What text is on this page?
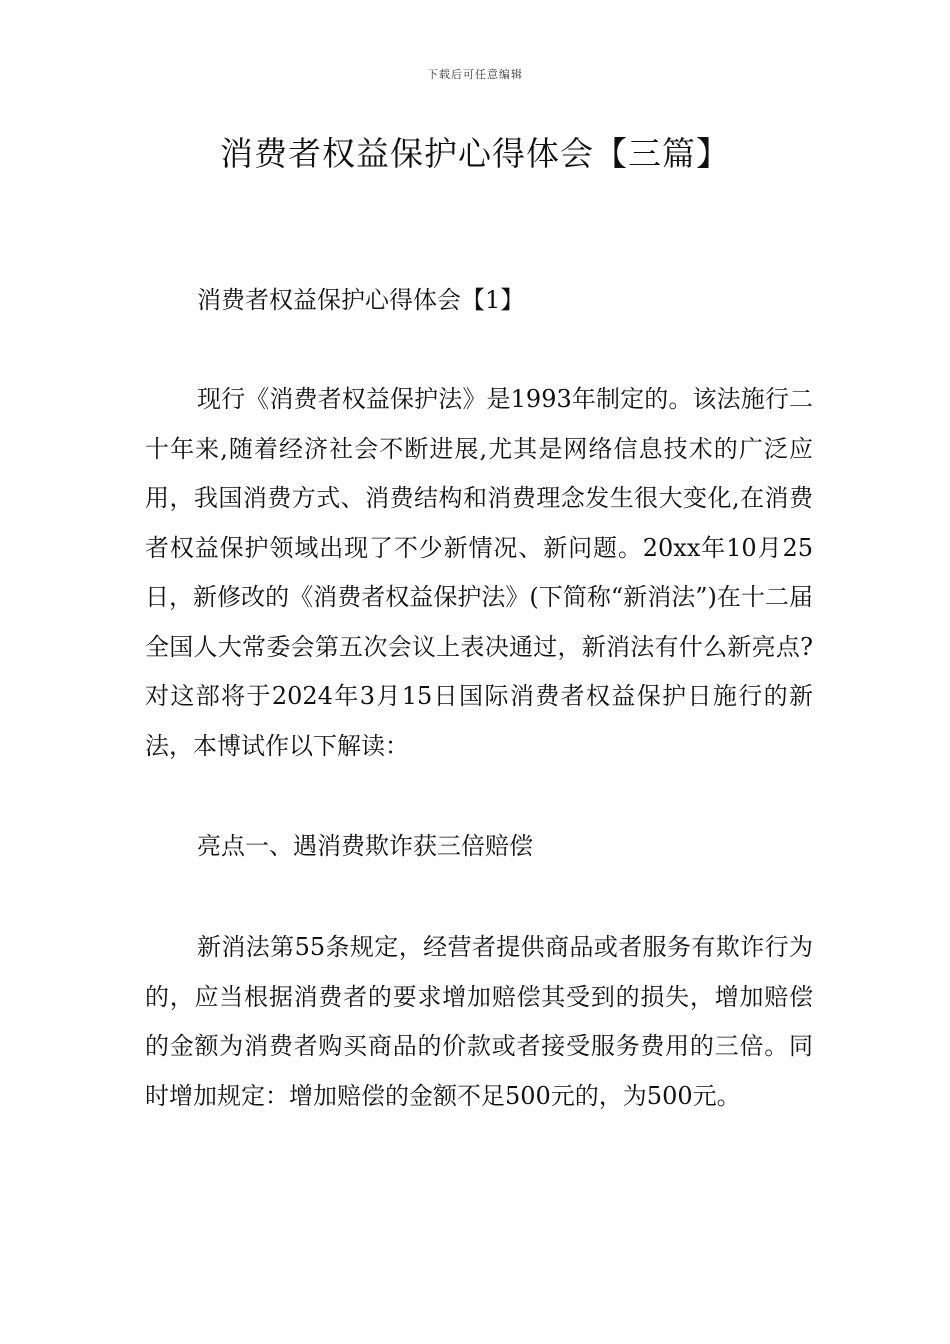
下载后可任意编辑
消费者权益保护心得体会【三篇】

消费者权益保护心得体会【1】

现行《消费者权益保护法》是1993年制定的。该法施行二十年来,随着经济社会不断进展,尤其是网络信息技术的广泛应用，我国消费方式、消费结构和消费理念发生很大变化,在消费者权益保护领域出现了不少新情况、新问题。20xx年10月25日，新修改的《消费者权益保护法》(下简称“新消法”)在十二届全国人大常委会第五次会议上表决通过，新消法有什么新亮点?对这部将于2024年3月15日国际消费者权益保护日施行的新法，本博试作以下解读：

亮点一、遇消费欺诈获三倍赔偿

新消法第55条规定，经营者提供商品或者服务有欺诈行为的，应当根据消费者的要求增加赔偿其受到的损失，增加赔偿的金额为消费者购买商品的价款或者接受服务费用的三倍。同时增加规定：增加赔偿的金额不足500元的，为500元。
